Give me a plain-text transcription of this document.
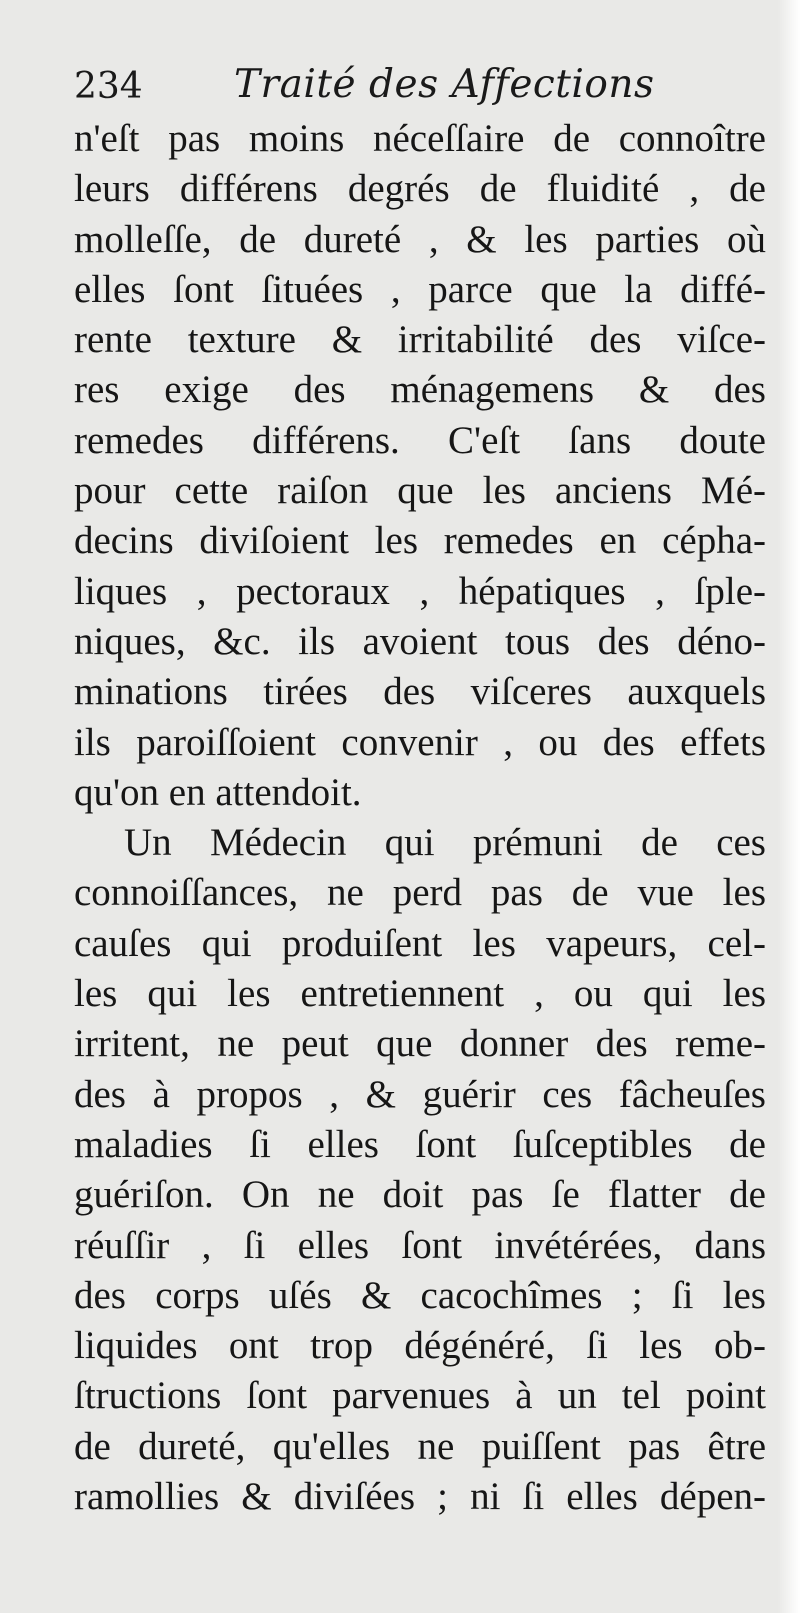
234 Traité des Affections
n'eſt pas moins néceſſaire de connoître
leurs différens degrés de fluidité , de
molleſſe, de dureté , & les parties où
elles ſont ſituées , parce que la diffé-
rente texture & irritabilité des viſce-
res exige des ménagemens & des
remedes différens. C'eſt ſans doute
pour cette raiſon que les anciens Mé-
decins diviſoient les remedes en cépha-
liques , pectoraux , hépatiques , ſple-
niques, &c. ils avoient tous des déno-
minations tirées des viſceres auxquels
ils paroiſſoient convenir , ou des effets
qu'on en attendoit.
Un Médecin qui prémuni de ces
connoiſſances, ne perd pas de vue les
cauſes qui produiſent les vapeurs, cel-
les qui les entretiennent , ou qui les
irritent, ne peut que donner des reme-
des à propos , & guérir ces fâcheuſes
maladies ſi elles ſont ſuſceptibles de
guériſon. On ne doit pas ſe flatter de
réuſſir , ſi elles ſont invétérées, dans
des corps uſés & cacochîmes ; ſi les
liquides ont trop dégénéré, ſi les ob-
ſtructions ſont parvenues à un tel point
de dureté, qu'elles ne puiſſent pas être
ramollies & diviſées ; ni ſi elles dépen-
